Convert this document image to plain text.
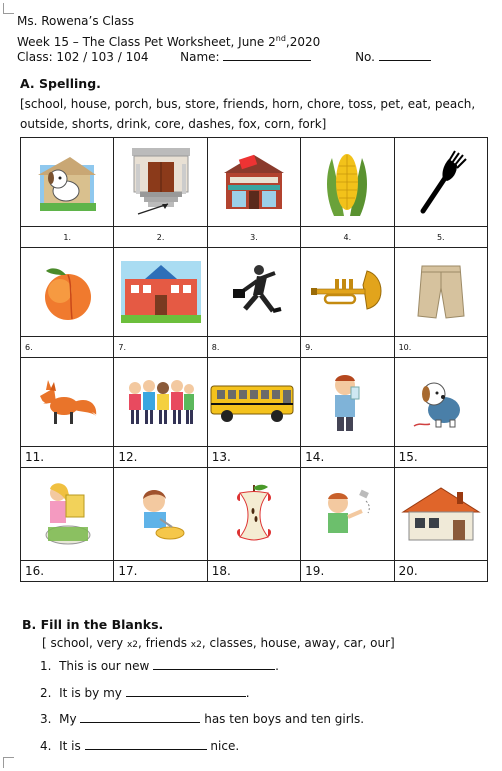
Ms. Rowena’s Class
Week 15 – The Class Pet Worksheet, June 2nd,2020
Class: 102 / 103 / 104	Name:	No.
A. Spelling.
[school, house, porch, bus, store, friends, horn, chore, toss, pet, eat, peach, outside, shorts, drink, core, dashes, fox, corn, fork]

1.	2.	3.	4.	5.

6.	7.	8.	9.	10.

11.	12.	13.	14.	15.

16.	17.	18.	19.	20.
B. Fill in the Blanks.
[ school, very x2, friends x2, classes, house, away, car, our]
1. This is our new	.
2. It is by my	.
3. My	has ten boys and ten girls.
4. It is	nice.
